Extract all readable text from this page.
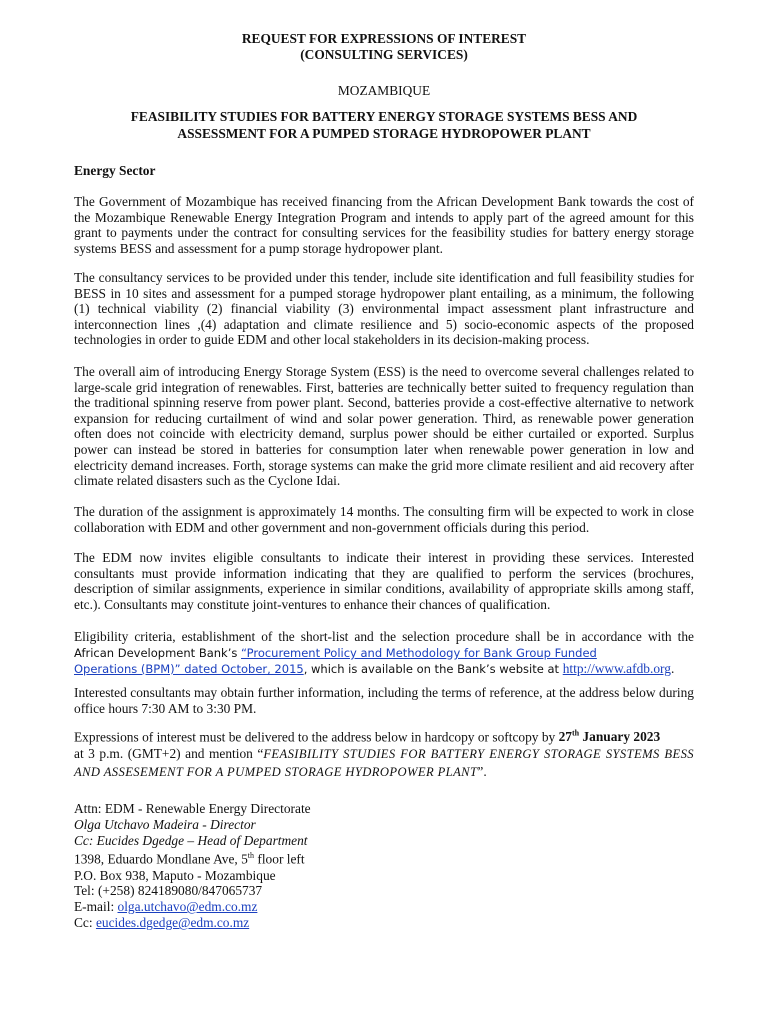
REQUEST FOR EXPRESSIONS OF INTEREST
(CONSULTING SERVICES)
MOZAMBIQUE
FEASIBILITY STUDIES FOR BATTERY ENERGY STORAGE SYSTEMS BESS AND
ASSESSMENT FOR A PUMPED STORAGE HYDROPOWER PLANT
Energy Sector

The Government of Mozambique has received financing from the African Development Bank towards the cost of the Mozambique Renewable Energy Integration Program and intends to apply part of the agreed amount for this grant to payments under the contract for consulting services for the feasibility studies for battery energy storage systems BESS and assessment for a pump storage hydropower plant.

The consultancy services to be provided under this tender, include site identification and full feasibility studies for BESS in 10 sites and assessment for a pumped storage hydropower plant entailing, as a minimum, the following (1) technical viability (2) financial viability (3) environmental impact assessment plant infrastructure and interconnection lines ,(4) adaptation and climate resilience and 5) socio-economic aspects of the proposed technologies in order to guide EDM and other local stakeholders in its decision-making process.

The overall aim of introducing Energy Storage System (ESS) is the need to overcome several challenges related to large-scale grid integration of renewables. First, batteries are technically better suited to frequency regulation than the traditional spinning reserve from power plant. Second, batteries provide a cost-effective alternative to network expansion for reducing curtailment of wind and solar power generation. Third, as renewable power generation often does not coincide with electricity demand, surplus power should be either curtailed or exported. Surplus power can instead be stored in batteries for consumption later when renewable power generation in low and electricity demand increases. Forth, storage systems can make the grid more climate resilient and aid recovery after climate related disasters such as the Cyclone Idai.

The duration of the assignment is approximately 14 months. The consulting firm will be expected to work in close collaboration with EDM and other government and non-government officials during this period.

The EDM now invites eligible consultants to indicate their interest in providing these services. Interested consultants must provide information indicating that they are qualified to perform the services (brochures, description of similar assignments, experience in similar conditions, availability of appropriate skills among staff, etc.). Consultants may constitute joint-ventures to enhance their chances of qualification.

Eligibility criteria, establishment of the short-list and the selection procedure shall be in accordance with the
African Development Bank’s “Procurement Policy and Methodology for Bank Group Funded
Operations (BPM)” dated October, 2015, which is available on the Bank’s website at http://www.afdb.org.

Interested consultants may obtain further information, including the terms of reference, at the address below during office hours 7:30 AM to 3:30 PM.

Expressions of interest must be delivered to the address below in hardcopy or softcopy by 27th January 2023
at 3 p.m. (GMT+2) and mention “FEASIBILITY STUDIES FOR BATTERY ENERGY STORAGE SYSTEMS BESS AND ASSESEMENT FOR A PUMPED STORAGE HYDROPOWER PLANT”.
Attn: EDM - Renewable Energy Directorate
Olga Utchavo Madeira - Director
Cc: Eucides Dgedge – Head of Department
1398, Eduardo Mondlane Ave, 5th floor left
P.O. Box 938, Maputo - Mozambique
Tel: (+258) 824189080/847065737
E-mail: olga.utchavo@edm.co.mz
Cc: eucides.dgedge@edm.co.mz
